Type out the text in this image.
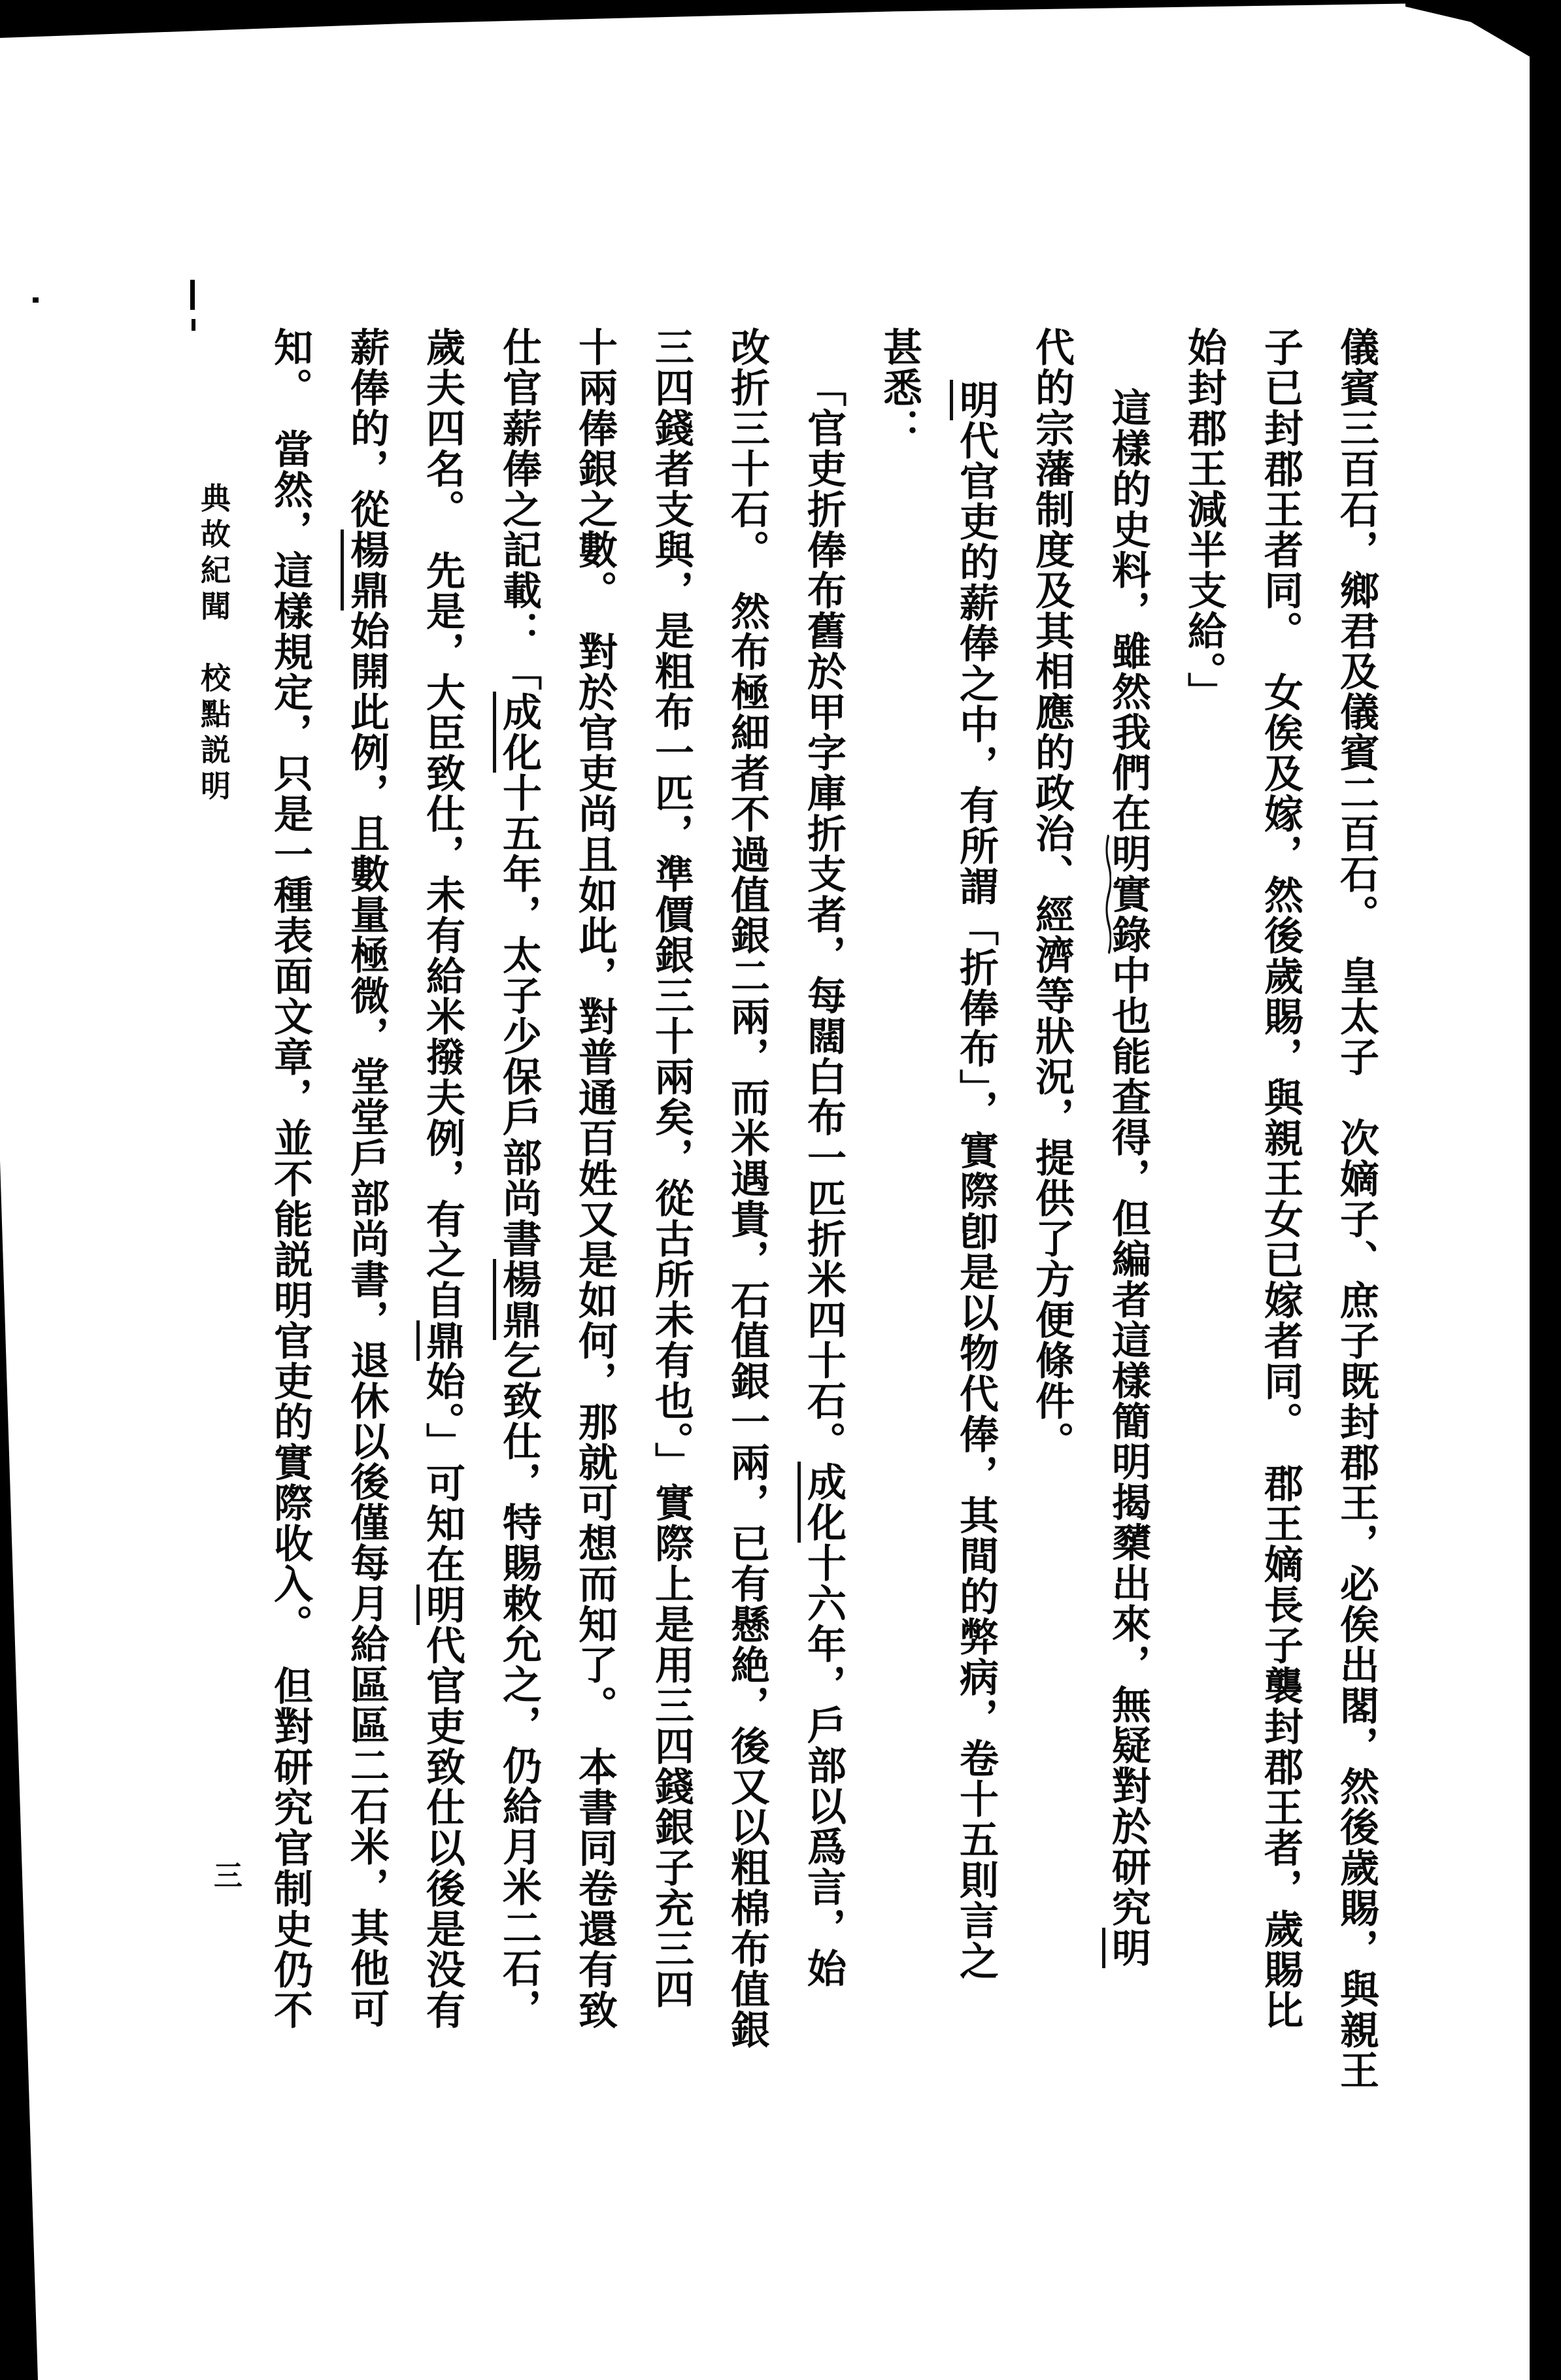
儀賓三百石，鄉君及儀賓二百石。　皇太子　次嫡子、庶子既封郡王，必俟出閣，然後歲賜，與親王
子已封郡王者同。　女俟及嫁，然後歲賜，與親王女已嫁者同。　郡王嫡長子襲封郡王者，歲賜比
始封郡王減半支給。」
這樣的史料，雖然我們在明實錄
中也能查得，但編者這樣簡明揭櫫出來，無疑對於研究明
代的宗藩制度及其相應的政治、經濟等狀況，提供了方便條件。
明代官吏的薪俸之中，有所謂「折俸布」，實際卽是以物代俸，其間的弊病，卷十五則言之
甚悉：
「官吏折俸布舊於甲字庫折支者，每闊白布一匹折米四十石。成化十六年，戶部以爲言，始
改折三十石。　然布極細者不過值銀二兩，而米遇貴，石值銀一兩，已有懸絶，後又以粗棉布值銀
三四錢者支與，是粗布一匹，準價銀三十兩矣，從古所未有也。」實際上是用三四錢銀子充三四
十兩俸銀之數。　對於官吏尚且如此，對普通百姓又是如何，那就可想而知了。　本書同卷還有致
仕官薪俸之記載：「成化十五年，太子少保戶部尚書楊鼎乞致仕，特賜敕允之，仍給月米二石，
歲夫四名。　先是，大臣致仕，未有給米撥夫例，有之自鼎始。」可知在明代官吏致仕以後是没有
薪俸的，從楊鼎始開此例，且數量極微，堂堂戶部尚書，退休以後僅每月給區區二石米，其他可
知。　當然，這樣規定，只是一種表面文章，並不能説明官吏的實際收入。　但對研究官制史仍不
典故紀聞　校點説明
三
